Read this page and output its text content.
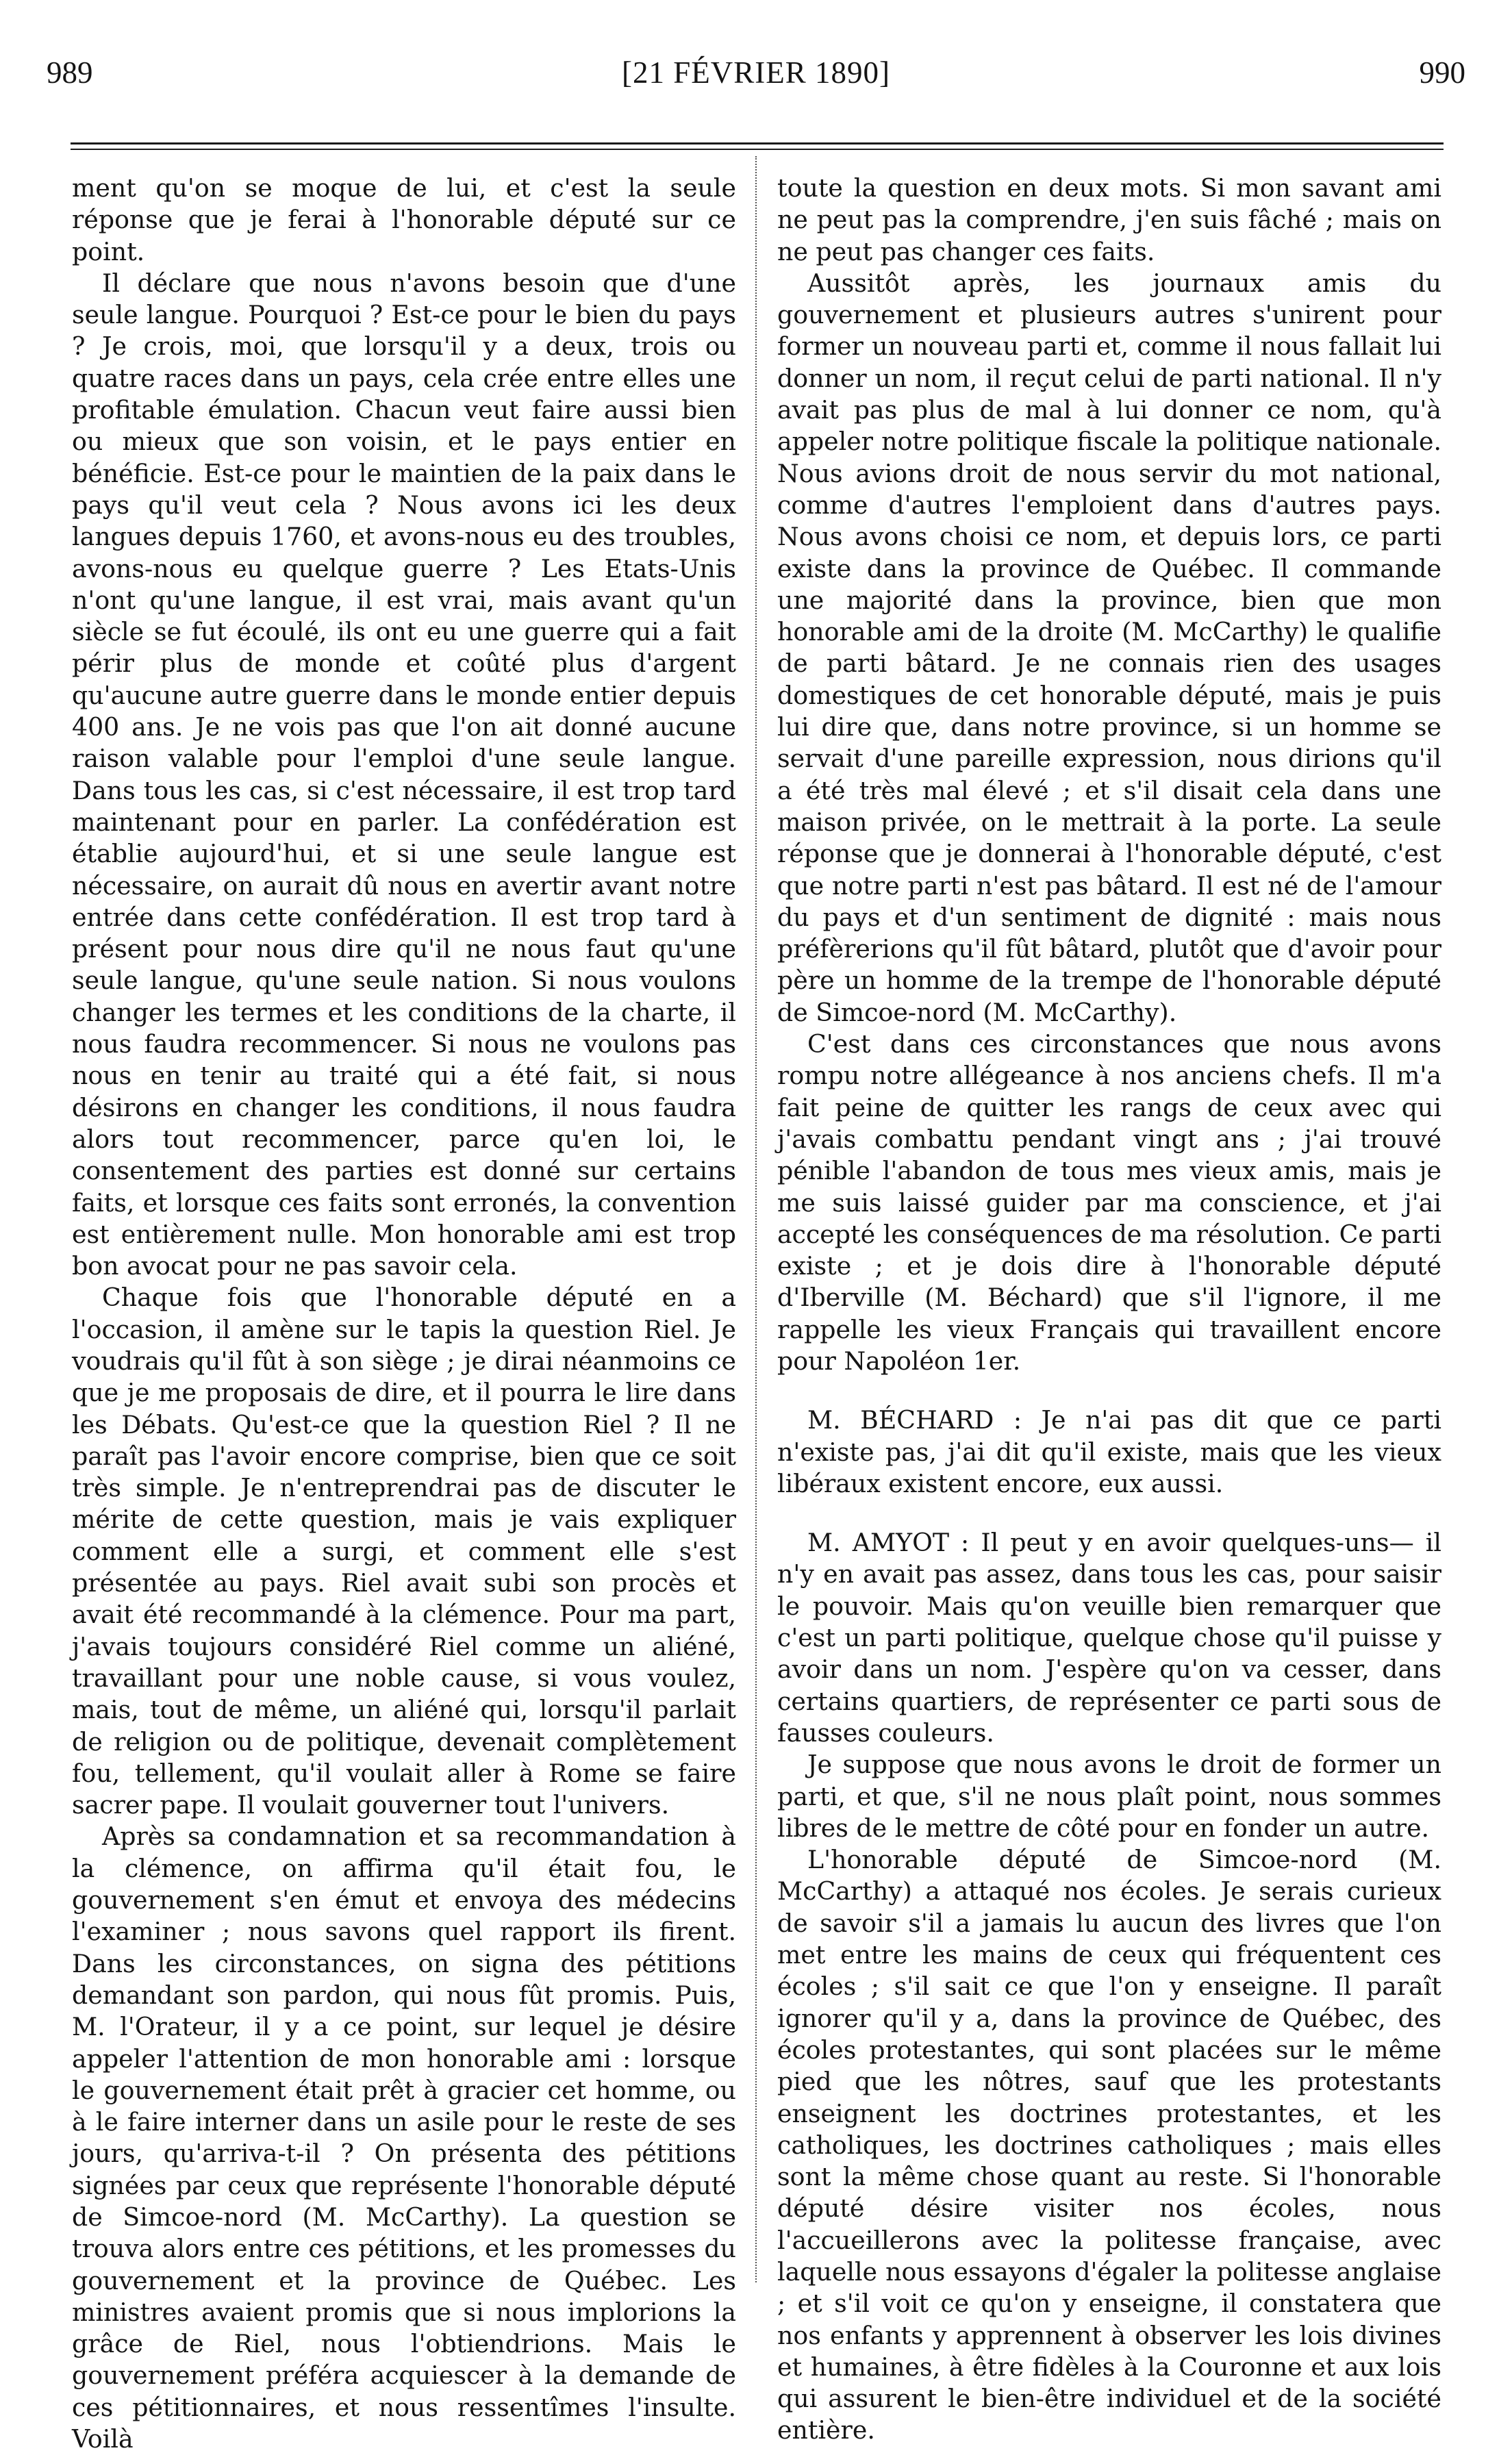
989	[21 FÉVRIER 1890]	990

ment qu'on se moque de lui, et c'est la seule réponse que je ferai à l'honorable député sur ce point.

Il déclare que nous n'avons besoin que d'une seule langue. Pourquoi ? Est-ce pour le bien du pays ? Je crois, moi, que lorsqu'il y a deux, trois ou quatre races dans un pays, cela crée entre elles une profitable émulation. Chacun veut faire aussi bien ou mieux que son voisin, et le pays entier en bénéficie. Est-ce pour le maintien de la paix dans le pays qu'il veut cela ? Nous avons ici les deux langues depuis 1760, et avons-nous eu des troubles, avons-nous eu quelque guerre ? Les Etats-Unis n'ont qu'une langue, il est vrai, mais avant qu'un siècle se fut écoulé, ils ont eu une guerre qui a fait périr plus de monde et coûté plus d'argent qu'aucune autre guerre dans le monde entier depuis 400 ans. Je ne vois pas que l'on ait donné aucune raison valable pour l'emploi d'une seule langue. Dans tous les cas, si c'est nécessaire, il est trop tard maintenant pour en parler. La confédération est établie aujourd'hui, et si une seule langue est nécessaire, on aurait dû nous en avertir avant notre entrée dans cette confédération. Il est trop tard à présent pour nous dire qu'il ne nous faut qu'une seule langue, qu'une seule nation. Si nous voulons changer les termes et les conditions de la charte, il nous faudra recommencer. Si nous ne voulons pas nous en tenir au traité qui a été fait, si nous désirons en changer les conditions, il nous faudra alors tout recommencer, parce qu'en loi, le consentement des parties est donné sur certains faits, et lorsque ces faits sont erronés, la convention est entièrement nulle. Mon honorable ami est trop bon avocat pour ne pas savoir cela.

Chaque fois que l'honorable député en a l'occasion, il amène sur le tapis la question Riel. Je voudrais qu'il fût à son siège ; je dirai néanmoins ce que je me proposais de dire, et il pourra le lire dans les Débats. Qu'est-ce que la question Riel ? Il ne paraît pas l'avoir encore comprise, bien que ce soit très simple. Je n'entreprendrai pas de discuter le mérite de cette question, mais je vais expliquer comment elle a surgi, et comment elle s'est présentée au pays. Riel avait subi son procès et avait été recommandé à la clémence. Pour ma part, j'avais toujours considéré Riel comme un aliéné, travaillant pour une noble cause, si vous voulez, mais, tout de même, un aliéné qui, lorsqu'il parlait de religion ou de politique, devenait complètement fou, tellement, qu'il voulait aller à Rome se faire sacrer pape. Il voulait gouverner tout l'univers.

Après sa condamnation et sa recommandation à la clémence, on affirma qu'il était fou, le gouvernement s'en émut et envoya des médecins l'examiner ; nous savons quel rapport ils firent. Dans les circonstances, on signa des pétitions demandant son pardon, qui nous fût promis. Puis, M. l'Orateur, il y a ce point, sur lequel je désire appeler l'attention de mon honorable ami : lorsque le gouvernement était prêt à gracier cet homme, ou à le faire interner dans un asile pour le reste de ses jours, qu'arriva-t-il ? On présenta des pétitions signées par ceux que représente l'honorable député de Simcoe-nord (M. McCarthy). La question se trouva alors entre ces pétitions, et les promesses du gouvernement et la province de Québec. Les ministres avaient promis que si nous implorions la grâce de Riel, nous l'obtiendrions. Mais le gouvernement préféra acquiescer à la demande de ces pétitionnaires, et nous ressentîmes l'insulte. Voilà

toute la question en deux mots. Si mon savant ami ne peut pas la comprendre, j'en suis fâché ; mais on ne peut pas changer ces faits.

Aussitôt après, les journaux amis du gouvernement et plusieurs autres s'unirent pour former un nouveau parti et, comme il nous fallait lui donner un nom, il reçut celui de parti national. Il n'y avait pas plus de mal à lui donner ce nom, qu'à appeler notre politique fiscale la politique nationale. Nous avions droit de nous servir du mot national, comme d'autres l'emploient dans d'autres pays. Nous avons choisi ce nom, et depuis lors, ce parti existe dans la province de Québec. Il commande une majorité dans la province, bien que mon honorable ami de la droite (M. McCarthy) le qualifie de parti bâtard. Je ne connais rien des usages domestiques de cet honorable député, mais je puis lui dire que, dans notre province, si un homme se servait d'une pareille expression, nous dirions qu'il a été très mal élevé ; et s'il disait cela dans une maison privée, on le mettrait à la porte. La seule réponse que je donnerai à l'honorable député, c'est que notre parti n'est pas bâtard. Il est né de l'amour du pays et d'un sentiment de dignité : mais nous préfèrerions qu'il fût bâtard, plutôt que d'avoir pour père un homme de la trempe de l'honorable député de Simcoe-nord (M. McCarthy).

C'est dans ces circonstances que nous avons rompu notre allégeance à nos anciens chefs. Il m'a fait peine de quitter les rangs de ceux avec qui j'avais combattu pendant vingt ans ; j'ai trouvé pénible l'abandon de tous mes vieux amis, mais je me suis laissé guider par ma conscience, et j'ai accepté les conséquences de ma résolution. Ce parti existe ; et je dois dire à l'honorable député d'Iberville (M. Béchard) que s'il l'ignore, il me rappelle les vieux Français qui travaillent encore pour Napoléon 1er.

M. BÉCHARD : Je n'ai pas dit que ce parti n'existe pas, j'ai dit qu'il existe, mais que les vieux libéraux existent encore, eux aussi.

M. AMYOT : Il peut y en avoir quelques-uns— il n'y en avait pas assez, dans tous les cas, pour saisir le pouvoir. Mais qu'on veuille bien remarquer que c'est un parti politique, quelque chose qu'il puisse y avoir dans un nom. J'espère qu'on va cesser, dans certains quartiers, de représenter ce parti sous de fausses couleurs.

Je suppose que nous avons le droit de former un parti, et que, s'il ne nous plaît point, nous sommes libres de le mettre de côté pour en fonder un autre.

L'honorable député de Simcoe-nord (M. McCarthy) a attaqué nos écoles. Je serais curieux de savoir s'il a jamais lu aucun des livres que l'on met entre les mains de ceux qui fréquentent ces écoles ; s'il sait ce que l'on y enseigne. Il paraît ignorer qu'il y a, dans la province de Québec, des écoles protestantes, qui sont placées sur le même pied que les nôtres, sauf que les protestants enseignent les doctrines protestantes, et les catholiques, les doctrines catholiques ; mais elles sont la même chose quant au reste. Si l'honorable député désire visiter nos écoles, nous l'accueillerons avec la politesse française, avec laquelle nous essayons d'égaler la politesse anglaise ; et s'il voit ce qu'on y enseigne, il constatera que nos enfants y apprennent à observer les lois divines et humaines, à être fidèles à la Couronne et aux lois qui assurent le bien-être individuel et de la société entière.
